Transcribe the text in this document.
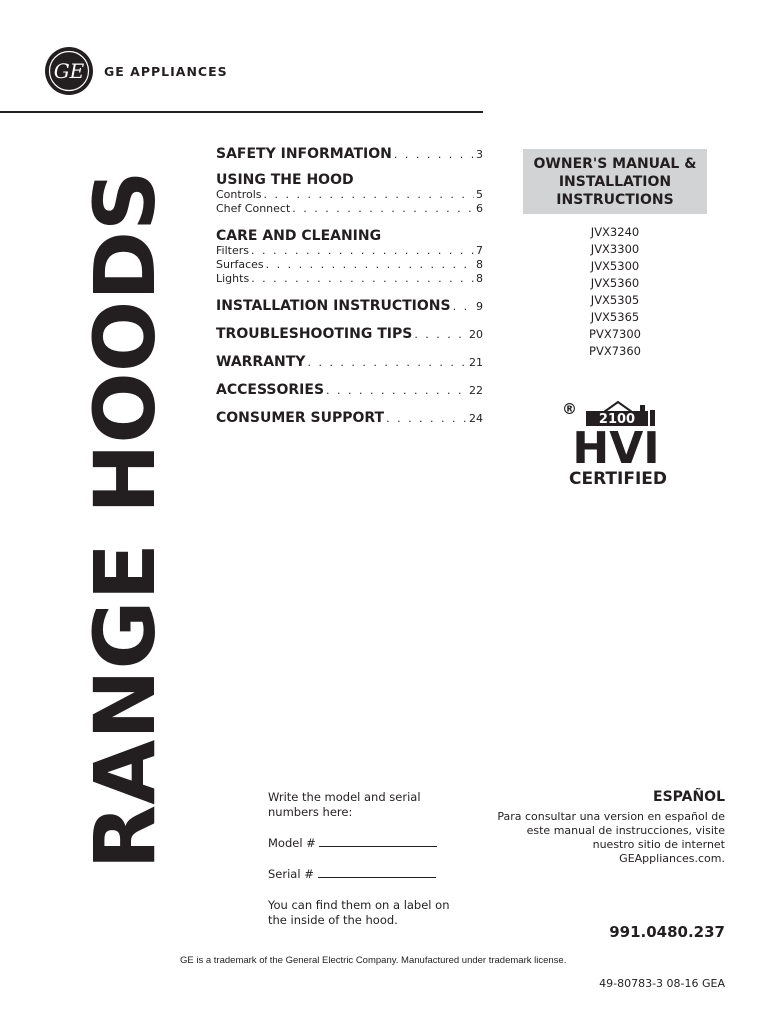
GE GE APPLIANCES
RANGE HOODS
SAFETY INFORMATION . . .	3
USING THE HOOD
Controls . . .	5
Chef Connect . . .	6
CARE AND CLEANING
Filters . . .	7
Surfaces . . .	8
Lights . . .	8
INSTALLATION INSTRUCTIONS . . . 9
TROUBLESHOOTING TIPS . . .	20
WARRANTY . . .	21
ACCESSORIES . . .	22
CONSUMER SUPPORT . . .	24
OWNER'S MANUAL &
INSTALLATION
INSTRUCTIONS
JVX3240
JVX3300
JVX5300
JVX5360
JVX5305
JVX5365
PVX7300
PVX7360
®
2100
HVI
CERTIFIED

Write the model and serial numbers here:

Model #

Serial #

You can find them on a label on the inside of the hood.

ESPAÑOL
Para consultar una version en español de este manual de instrucciones, visite nuestro sitio de internet GEAppliances.com.
991.0480.237
GE is a trademark of the General Electric Company. Manufactured under trademark license.
49-80783-3 08-16 GEA
